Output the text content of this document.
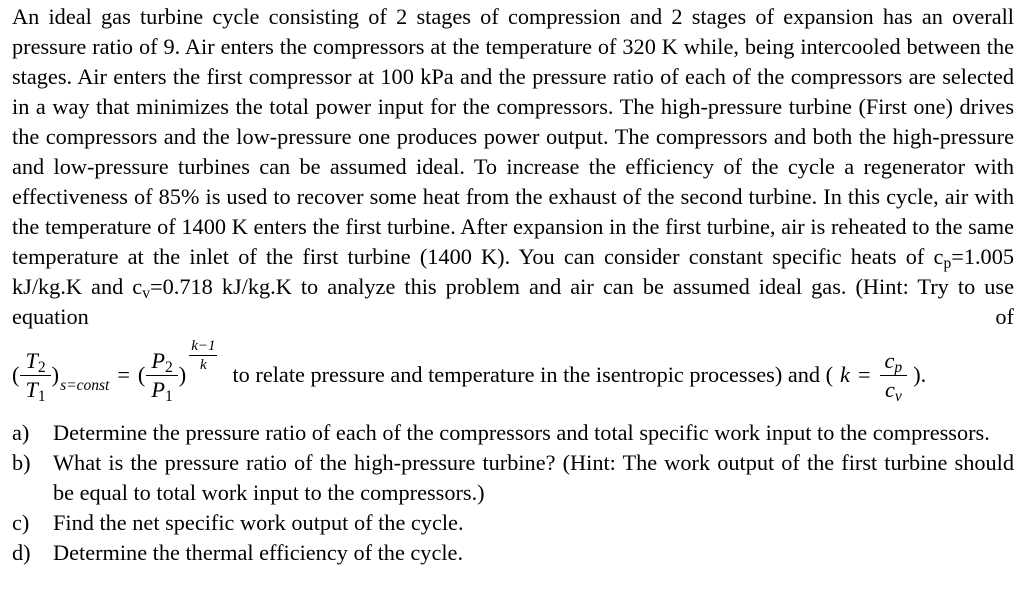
An ideal gas turbine cycle consisting of 2 stages of compression and 2 stages of expansion has an overall pressure ratio of 9. Air enters the compressors at the temperature of 320 K while, being intercooled between the stages. Air enters the first compressor at 100 kPa and the pressure ratio of each of the compressors are selected in a way that minimizes the total power input for the compressors. The high-pressure turbine (First one) drives the compressors and the low-pressure one produces power output. The compressors and both the high-pressure and low-pressure turbines can be assumed ideal. To increase the efficiency of the cycle a regenerator with effectiveness of 85% is used to recover some heat from the exhaust of the second turbine. In this cycle, air with the temperature of 1400 K enters the first turbine. After expansion in the first turbine, air is reheated to the same temperature at the inlet of the first turbine (1400 K). You can consider constant specific heats of $c_p=1.005$ kJ/kg.K and $c_v=0.718$ kJ/kg.K to analyze this problem and air can be assumed ideal gas. (Hint: Try to use equation of

( $\frac{T_2}{T_1}$ ) s=const = ( $\frac{P_2}{P_1}$ )
$\frac{k-1}{k}$
to relate pressure and temperature in the isentropic processes) and ( $k = \frac{c_p}{c_v}$ ).
a)	Determine the pressure ratio of each of the compressors and total specific work input to the compressors.
b)	What is the pressure ratio of the high-pressure turbine? (Hint: The work output of the first turbine should be equal to total work input to the compressors.)
c)	Find the net specific work output of the cycle.
d)	Determine the thermal efficiency of the cycle.
